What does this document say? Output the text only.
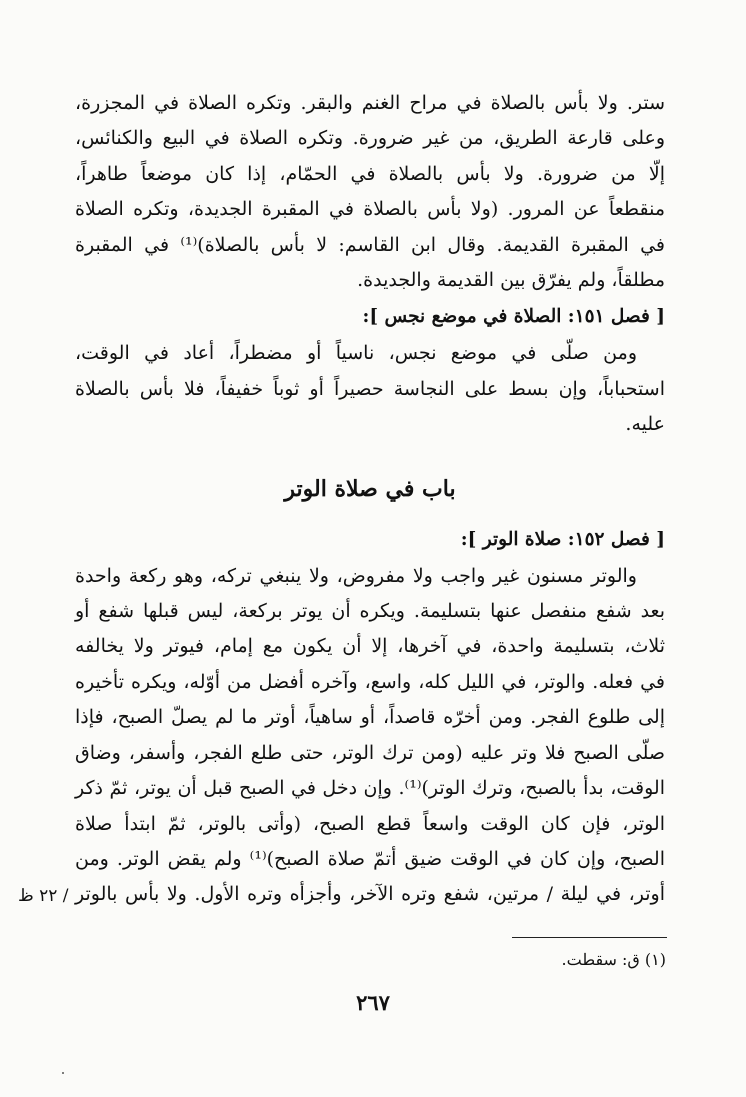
ستر. ولا بأس بالصلاة في مراح الغنم والبقر. وتكره الصلاة في المجزرة،
وعلى قارعة الطريق، من غير ضرورة. وتكره الصلاة في البيع والكنائس،
إلّا من ضرورة. ولا بأس بالصلاة في الحمّام، إذا كان موضعاً طاهراً،
منقطعاً عن المرور. (ولا بأس بالصلاة في المقبرة الجديدة، وتكره الصلاة
في المقبرة القديمة. وقال ابن القاسم: لا بأس بالصلاة)⁽¹⁾ في المقبرة
مطلقاً، ولم يفرّق بين القديمة والجديدة.

[ فصل ١٥١: الصلاة في موضع نجس ]:

ومن صلّى في موضع نجس، ناسياً أو مضطراً، أعاد في الوقت،
استحباباً، وإن بسط على النجاسة حصيراً أو ثوباً خفيفاً، فلا بأس بالصلاة
عليه.

باب في صلاة الوتر

[ فصل ١٥٢: صلاة الوتر ]:

والوتر مسنون غير واجب ولا مفروض، ولا ينبغي تركه، وهو ركعة واحدة
بعد شفع منفصل عنها بتسليمة. ويكره أن يوتر بركعة، ليس قبلها شفع أو
ثلاث، بتسليمة واحدة، في آخرها، إلا أن يكون مع إمام، فيوتر ولا يخالفه
في فعله. والوتر، في الليل كله، واسع، وآخره أفضل من أوّله، ويكره تأخيره
إلى طلوع الفجر. ومن أخرّه قاصداً، أو ساهياً، أوتر ما لم يصلّ الصبح، فإذا
صلّى الصبح فلا وتر عليه (ومن ترك الوتر، حتى طلع الفجر، وأسفر، وضاق
الوقت، بدأ بالصبح، وترك الوتر)⁽¹⁾. وإن دخل في الصبح قبل أن يوتر، ثمّ ذكر
الوتر، فإن كان الوقت واسعاً قطع الصبح، (وأتى بالوتر، ثمّ ابتدأ صلاة
الصبح، وإن كان في الوقت ضيق أتمّ صلاة الصبح)⁽¹⁾ ولم يقض الوتر. ومن
أوتر، في ليلة / مرتين، شفع وتره الآخر، وأجزأه وتره الأول. ولا بأس بالوتر

/ ٢٢ ظ
(١) ق: سقطت.
٢٦٧
